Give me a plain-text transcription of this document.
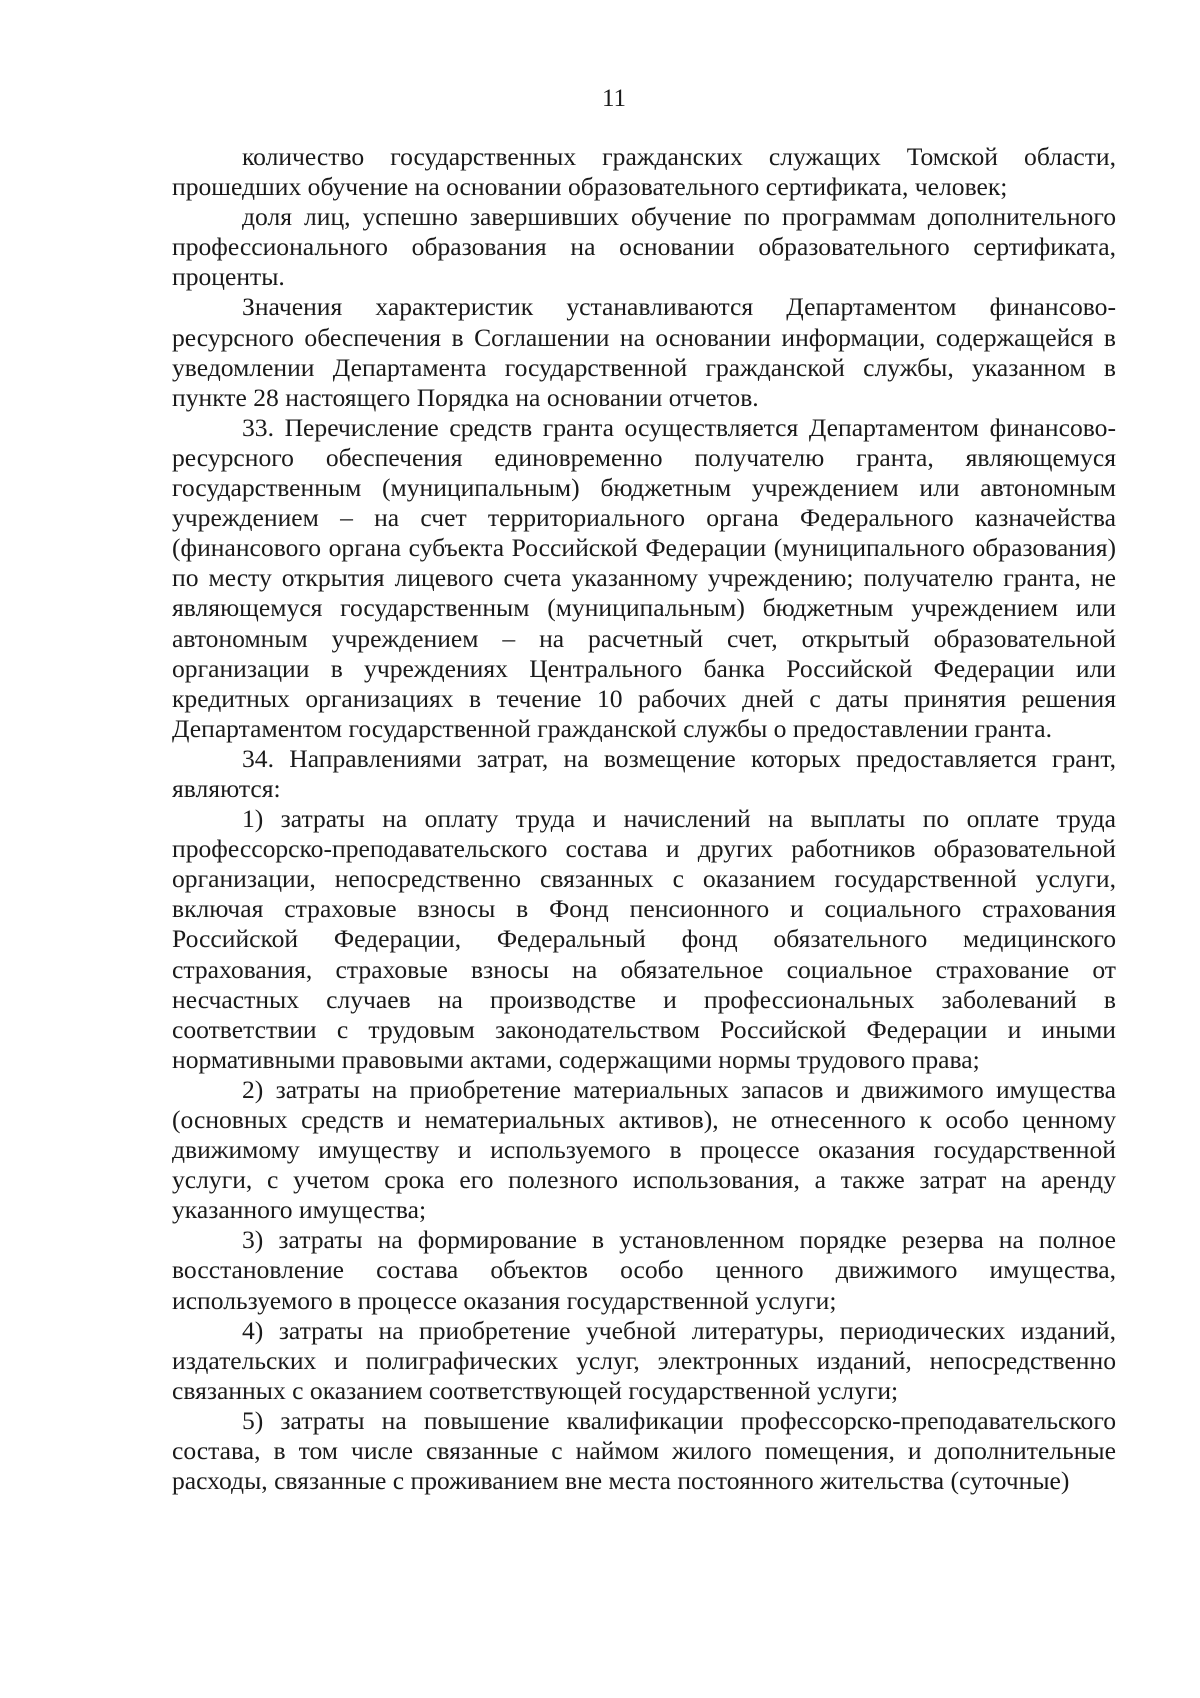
11

количество государственных гражданских служащих Томской области, прошедших обучение на основании образовательного сертификата, человек;

доля лиц, успешно завершивших обучение по программам дополнительного профессионального образования на основании образовательного сертификата, проценты.

Значения характеристик устанавливаются Департаментом финансово-ресурсного обеспечения в Соглашении на основании информации, содержащейся в уведомлении Департамента государственной гражданской службы, указанном в пункте 28 настоящего Порядка на основании отчетов.

33. Перечисление средств гранта осуществляется Департаментом финансово-ресурсного обеспечения единовременно получателю гранта, являющемуся государственным (муниципальным) бюджетным учреждением или автономным учреждением – на счет территориального органа Федерального казначейства (финансового органа субъекта Российской Федерации (муниципального образования) по месту открытия лицевого счета указанному учреждению; получателю гранта, не являющемуся государственным (муниципальным) бюджетным учреждением или автономным учреждением – на расчетный счет, открытый образовательной организации в учреждениях Центрального банка Российской Федерации или кредитных организациях в течение 10 рабочих дней с даты принятия решения Департаментом государственной гражданской службы о предоставлении гранта.

34. Направлениями затрат, на возмещение которых предоставляется грант, являются:

1) затраты на оплату труда и начислений на выплаты по оплате труда профессорско-преподавательского состава и других работников образовательной организации, непосредственно связанных с оказанием государственной услуги, включая страховые взносы в Фонд пенсионного и социального страхования Российской Федерации, Федеральный фонд обязательного медицинского страхования, страховые взносы на обязательное социальное страхование от несчастных случаев на производстве и профессиональных заболеваний в соответствии с трудовым законодательством Российской Федерации и иными нормативными правовыми актами, содержащими нормы трудового права;

2) затраты на приобретение материальных запасов и движимого имущества (основных средств и нематериальных активов), не отнесенного к особо ценному движимому имуществу и используемого в процессе оказания государственной услуги, с учетом срока его полезного использования, а также затрат на аренду указанного имущества;

3) затраты на формирование в установленном порядке резерва на полное восстановление состава объектов особо ценного движимого имущества, используемого в процессе оказания государственной услуги;

4) затраты на приобретение учебной литературы, периодических изданий, издательских и полиграфических услуг, электронных изданий, непосредственно связанных с оказанием соответствующей государственной услуги;

5) затраты на повышение квалификации профессорско-преподавательского состава, в том числе связанные с наймом жилого помещения, и дополнительные расходы, связанные с проживанием вне места постоянного жительства (суточные)
